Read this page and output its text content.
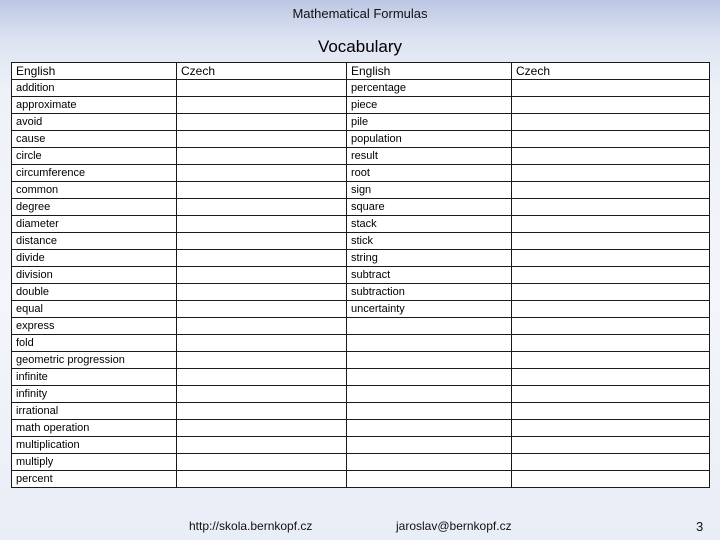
Mathematical Formulas
Vocabulary
English	Czech	English	Czech
addition		percentage	
approximate		piece	
avoid		pile	
cause		population	
circle		result	
circumference		root	
common		sign	
degree		square	
diameter		stack	
distance		stick	
divide		string	
division		subtract	
double		subtraction	
equal		uncertainty	
express			
fold			
geometric progression			
infinite			
infinity			
irrational			
math operation			
multiplication			
multiply			
percent			
http://skola.bernkopf.cz	jaroslav@bernkopf.cz	3
